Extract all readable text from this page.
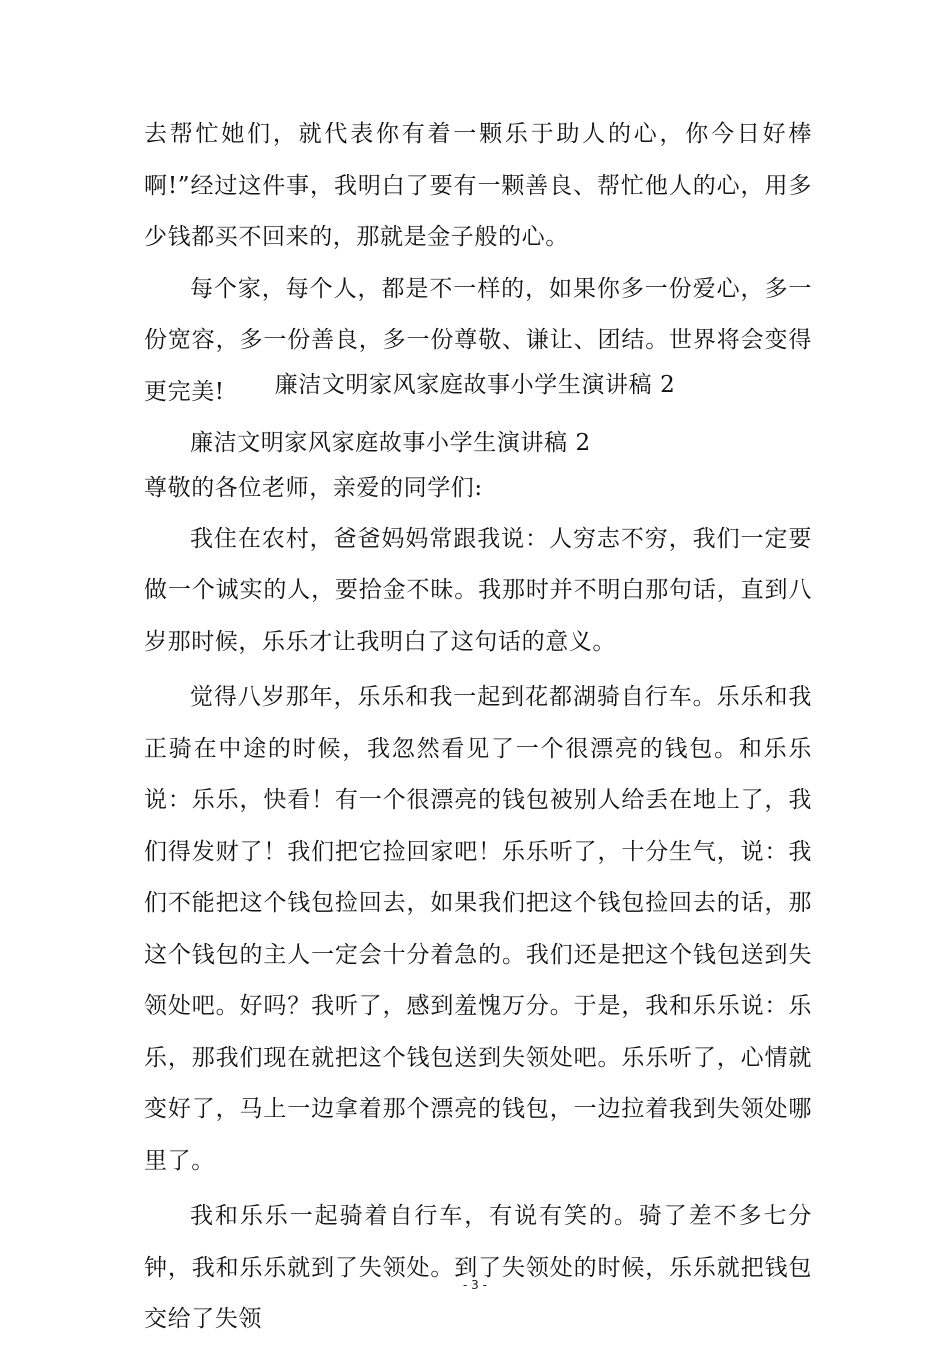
去帮忙她们，就代表你有着一颗乐于助人的心，你今日好棒啊!”经过这件事，我明白了要有一颗善良、帮忙他人的心，用多少钱都买不回来的，那就是金子般的心。

每个家，每个人，都是不一样的，如果你多一份爱心，多一份宽容，多一份善良，多一份尊敬、谦让、团结。世界将会变得更完美!	廉洁文明家风家庭故事小学生演讲稿 2

廉洁文明家风家庭故事小学生演讲稿 2

尊敬的各位老师，亲爱的同学们:

我住在农村，爸爸妈妈常跟我说：人穷志不穷，我们一定要做一个诚实的人，要拾金不昧。我那时并不明白那句话，直到八岁那时候，乐乐才让我明白了这句话的意义。

觉得八岁那年，乐乐和我一起到花都湖骑自行车。乐乐和我正骑在中途的时候，我忽然看见了一个很漂亮的钱包。和乐乐说：乐乐，快看！有一个很漂亮的钱包被别人给丢在地上了，我们得发财了！我们把它捡回家吧！乐乐听了，十分生气，说：我们不能把这个钱包捡回去，如果我们把这个钱包捡回去的话，那这个钱包的主人一定会十分着急的。我们还是把这个钱包送到失领处吧。好吗？我听了，感到羞愧万分。于是，我和乐乐说：乐乐，那我们现在就把这个钱包送到失领处吧。乐乐听了，心情就变好了，马上一边拿着那个漂亮的钱包，一边拉着我到失领处哪里了。

我和乐乐一起骑着自行车，有说有笑的。骑了差不多七分钟，我和乐乐就到了失领处。到了失领处的时候，乐乐就把钱包交给了失领

- 3 -
